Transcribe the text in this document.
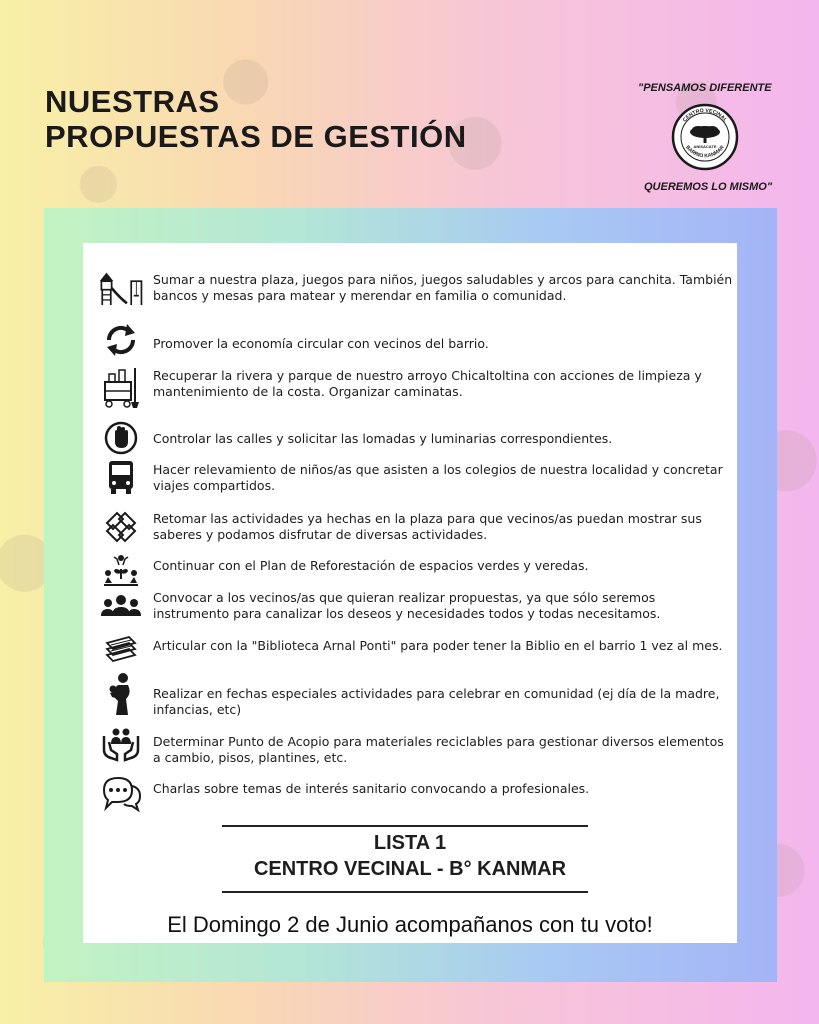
NUESTRAS
PROPUESTAS DE GESTIÓN
"PENSAMOS DIFERENTE
CENTRO VECINAL
BARRIO KANMAR
ANISACATE
QUEREMOS LO MISMO"
Sumar a nuestra plaza, juegos para niños, juegos saludables y arcos para canchita. También bancos y mesas para matear y merendar en familia o comunidad.
Promover la economía circular con vecinos del barrio.
Recuperar la rivera y parque de nuestro arroyo Chicaltoltina con acciones de limpieza y mantenimiento de la costa. Organizar caminatas.
Controlar las calles y solicitar las lomadas y luminarias correspondientes.
Hacer relevamiento de niños/as que asisten a los colegios de nuestra localidad y concretar viajes compartidos.
Retomar las actividades ya hechas en la plaza para que vecinos/as puedan mostrar sus saberes y podamos disfrutar de diversas actividades.
Continuar con el Plan de Reforestación de espacios verdes y veredas.
Convocar a los vecinos/as que quieran realizar propuestas, ya que sólo seremos instrumento para canalizar los deseos y necesidades todos y todas necesitamos.
Articular con la "Biblioteca Arnal Ponti" para poder tener la Biblio en el barrio 1 vez al mes.
Realizar en fechas especiales actividades para celebrar en comunidad (ej día de la madre, infancias, etc)
Determinar Punto de Acopio para materiales reciclables para gestionar diversos elementos a cambio, pisos, plantines, etc.
Charlas sobre temas de interés sanitario convocando a profesionales.
LISTA 1
CENTRO VECINAL - B° KANMAR
El Domingo 2 de Junio acompañanos con tu voto!
